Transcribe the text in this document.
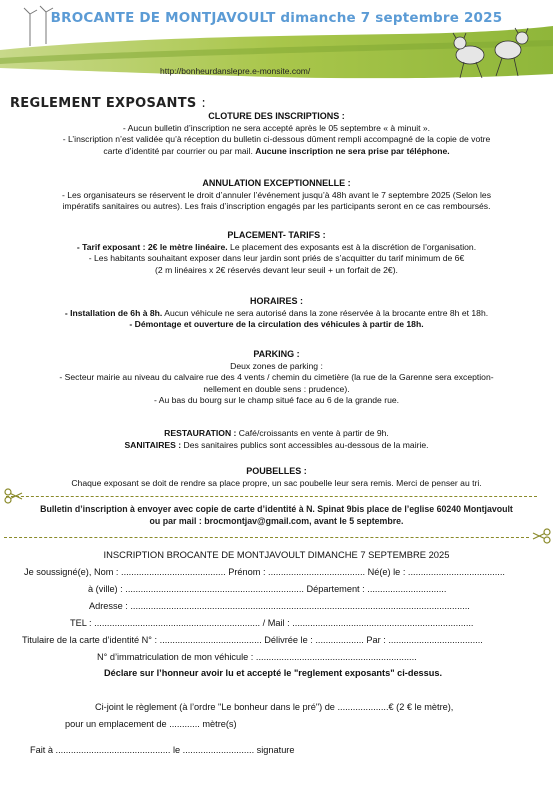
BROCANTE DE MONTJAVOULT dimanche 7 septembre 2025
http://bonheurdanslepre.e-monsite.com/
REGLEMENT EXPOSANTS :

CLOTURE DES INSCRIPTIONS :

- Aucun bulletin d’inscription ne sera accepté après le 05 septembre « à minuit ».

- L’inscription n’est validée qu’à réception du bulletin ci-dessous dûment rempli accompagné de la copie de votre

carte d’identité par courrier ou par mail. Aucune inscription ne sera prise par téléphone.

ANNULATION EXCEPTIONNELLE :

- Les organisateurs se réservent le droit d’annuler l’événement jusqu’à 48h avant le 7 septembre 2025 (Selon les

impératifs sanitaires ou autres). Les frais d’inscription engagés par les participants seront en ce cas remboursés.

PLACEMENT- TARIFS :

- Tarif exposant : 2€ le mètre linéaire. Le placement des exposants est à la discrétion de l’organisation.

- Les habitants souhaitant exposer dans leur jardin sont priés de s’acquitter du tarif minimum de 6€

(2 m linéaires x 2€ réservés devant leur seuil + un forfait de 2€).

HORAIRES :

- Installation de 6h à 8h. Aucun véhicule ne sera autorisé dans la zone réservée à la brocante entre 8h et 18h.

- Démontage et ouverture de la circulation des véhicules à partir de 18h.

PARKING :

Deux zones de parking :

- Secteur mairie au niveau du calvaire rue des 4 vents / chemin du cimetière (la rue de la Garenne sera exception-

nellement en double sens : prudence).

- Au bas du bourg sur le champ situé face au 6 de la grande rue.

RESTAURATION : Café/croissants en vente à partir de 9h.

SANITAIRES : Des sanitaires publics sont accessibles au-dessous de la mairie.

POUBELLES :

Chaque exposant se doit de rendre sa place propre, un sac poubelle leur sera remis. Merci de penser au tri.

Bulletin d’inscription à envoyer avec copie de carte d’identité à N. Spinat 9bis place de l’eglise 60240 Montjavoult
ou par mail : brocmontjav@gmail.com, avant le 5 septembre.
INSCRIPTION BROCANTE DE MONTJAVOULT DIMANCHE 7 SEPTEMBRE 2025
Je soussigné(e), Nom : ......................................... Prénom : ...................................... Né(e) le : ......................................
à (ville) : ...................................................................... Département : ...............................
Adresse : .....................................................................................................................................
TEL : ................................................................. / Mail : .......................................................................
Titulaire de la carte d’identité N° : ........................................ Délivrée le : ................... Par : .....................................
N° d’immatriculation de mon véhicule : ...............................................................
Déclare sur l’honneur avoir lu et accepté le "reglement exposants" ci-dessus.
Ci-joint le règlement (à l’ordre "Le bonheur dans le pré") de ....................€ (2 € le mètre),
pour un emplacement de ............ mètre(s)
Fait à ............................................. le ............................ signature
